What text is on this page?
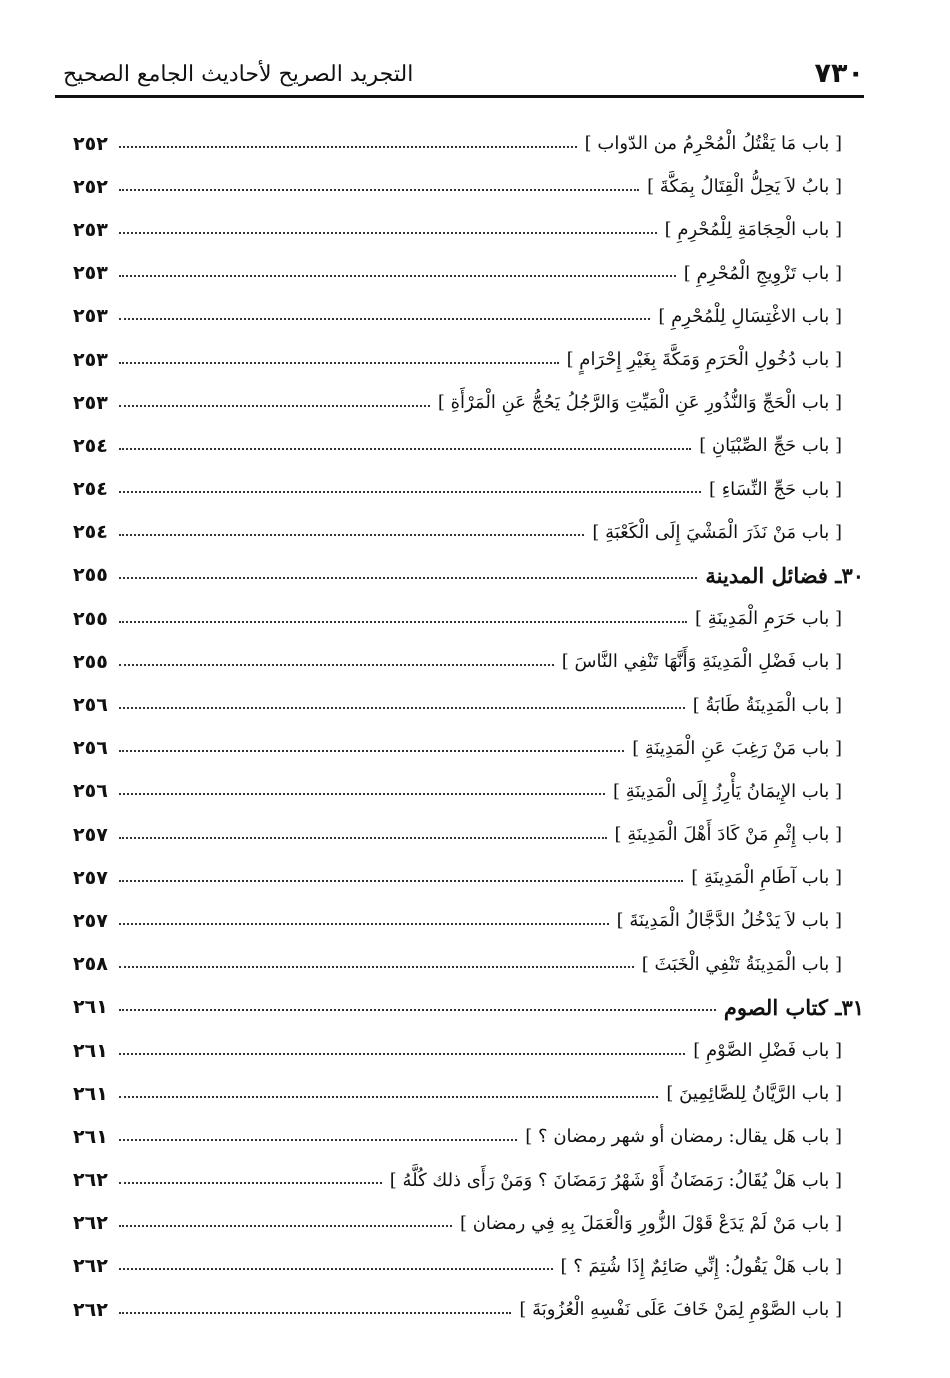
٧٣٠
التجريد الصريح لأحاديث الجامع الصحيح
[ باب مَا يَقْتُلُ الْمُحْرِمُ من الدّواب ]
٢٥٢
[ بابُ لاَ يَحِلُّ الْقِتَالُ بِمَكَّةَ ]
٢٥٢
[ باب الْحِجَامَةِ لِلْمُحْرِمِ ]
٢٥٣
[ باب تَزْوِيجِ الْمُحْرِمِ ]
٢٥٣
[ باب الاغْتِسَالِ لِلْمُحْرِمِ ]
٢٥٣
[ باب دُخُولِ الْحَرَمِ وَمَكَّةَ بِغَيْرِ إِحْرَامٍ ]
٢٥٣
[ باب الْحَجِّ وَالنُّذُورِ عَنِ الْمَيِّتِ وَالرَّجُلُ يَحُجُّ عَنِ الْمَرْأَةِ ]
٢٥٣
[ باب حَجِّ الصِّبْيَانِ ]
٢٥٤
[ باب حَجِّ النِّسَاءِ ]
٢٥٤
[ باب مَنْ نَذَرَ الْمَشْيَ إِلَى الْكَعْبَةِ ]
٢٥٤
٣٠ـ فضائل المدينة
٢٥٥
[ باب حَرَمِ الْمَدِينَةِ ]
٢٥٥
[ باب فَضْلِ الْمَدِينَةِ وَأَنَّهَا تَنْفِي النَّاسَ ]
٢٥٥
[ باب الْمَدِينَةُ طَابَةُ ]
٢٥٦
[ باب مَنْ رَغِبَ عَنِ الْمَدِينَةِ ]
٢٥٦
[ باب الإِيمَانُ يَأْرِزُ إِلَى الْمَدِينَةِ ]
٢٥٦
[ باب إِثْمِ مَنْ كَادَ أَهْلَ الْمَدِينَةِ ]
٢٥٧
[ باب آطَامِ الْمَدِينَةِ ]
٢٥٧
[ باب لاَ يَدْخُلُ الدَّجَّالُ الْمَدِينَةَ ]
٢٥٧
[ باب الْمَدِينَةُ تَنْفِي الْخَبَثَ ]
٢٥٨
٣١ـ كتاب الصوم
٢٦١
[ باب فَضْلِ الصَّوْمِ ]
٢٦١
[ باب الرَّيَّانُ لِلصَّائِمِينَ ]
٢٦١
[ باب هَل يقال: رمضان أو شهر رمضان ؟ ]
٢٦١
[ باب هَلْ يُقَالُ: رَمَضَانُ أَوْ شَهْرُ رَمَضَانَ ؟ وَمَنْ رَأَى ذلك كُلَّهُ ]
٢٦٢
[ باب مَنْ لَمْ يَدَعْ قَوْلَ الزُّورِ وَالْعَمَلَ بِهِ فِي رمضان ]
٢٦٢
[ باب هَلْ يَقُولُ: إِنِّي صَائِمٌ إِذَا شُتِمَ ؟ ]
٢٦٢
[ باب الصَّوْمِ لِمَنْ خَافَ عَلَى نَفْسِهِ الْعُزُوبَةَ ]
٢٦٢
